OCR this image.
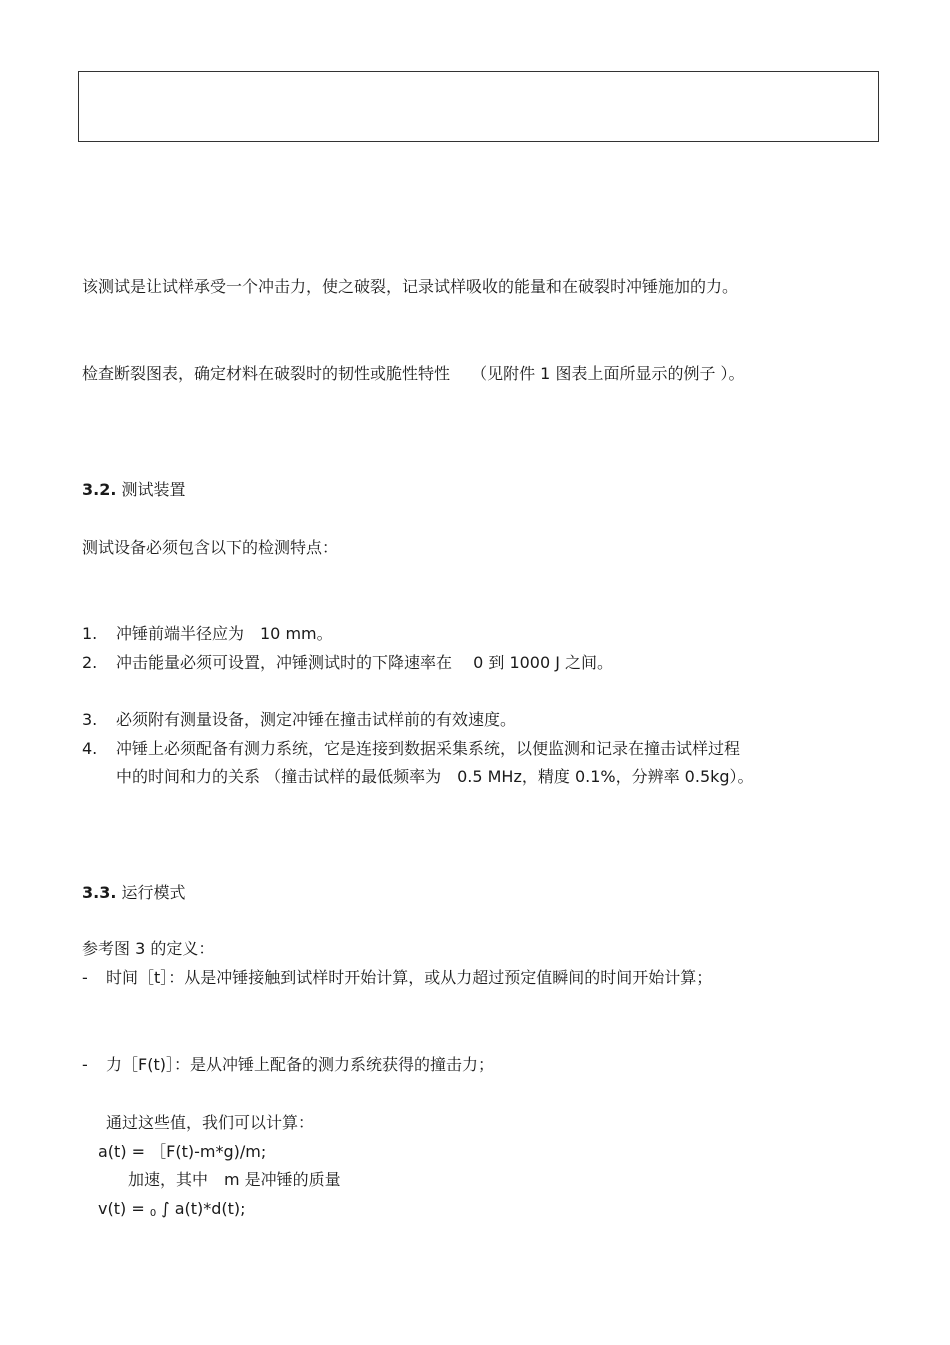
该测试是让试样承受一个冲击力，使之破裂，记录试样吸收的能量和在破裂时冲锤施加的力。
检查断裂图表，确定材料在破裂时的韧性或脆性特性　 （见附件 1 图表上面所显示的例子 ）。
3.2. 测试装置
测试设备必须包含以下的检测特点：
1. 冲锤前端半径应为　10 mm。
2. 冲击能量必须可设置，冲锤测试时的下降速率在　 0 到 1000 J 之间。
3. 必须附有测量设备，测定冲锤在撞击试样前的有效速度。
4. 冲锤上必须配备有测力系统，它是连接到数据采集系统，以便监测和记录在撞击试样过程
中的时间和力的关系 （撞击试样的最低频率为　0.5 MHz，精度 0.1%，分辨率 0.5kg）。
3.3. 运行模式
参考图 3 的定义：
- 时间［t］：从是冲锤接触到试样时开始计算，或从力超过预定值瞬间的时间开始计算；
- 力［F(t)］：是从冲锤上配备的测力系统获得的撞击力；
通过这些值，我们可以计算：
a(t) = ［F(t)-m*g)/m;
加速，其中　m 是冲锤的质量
v(t) = $_0$ ∫ a(t)*d(t);
